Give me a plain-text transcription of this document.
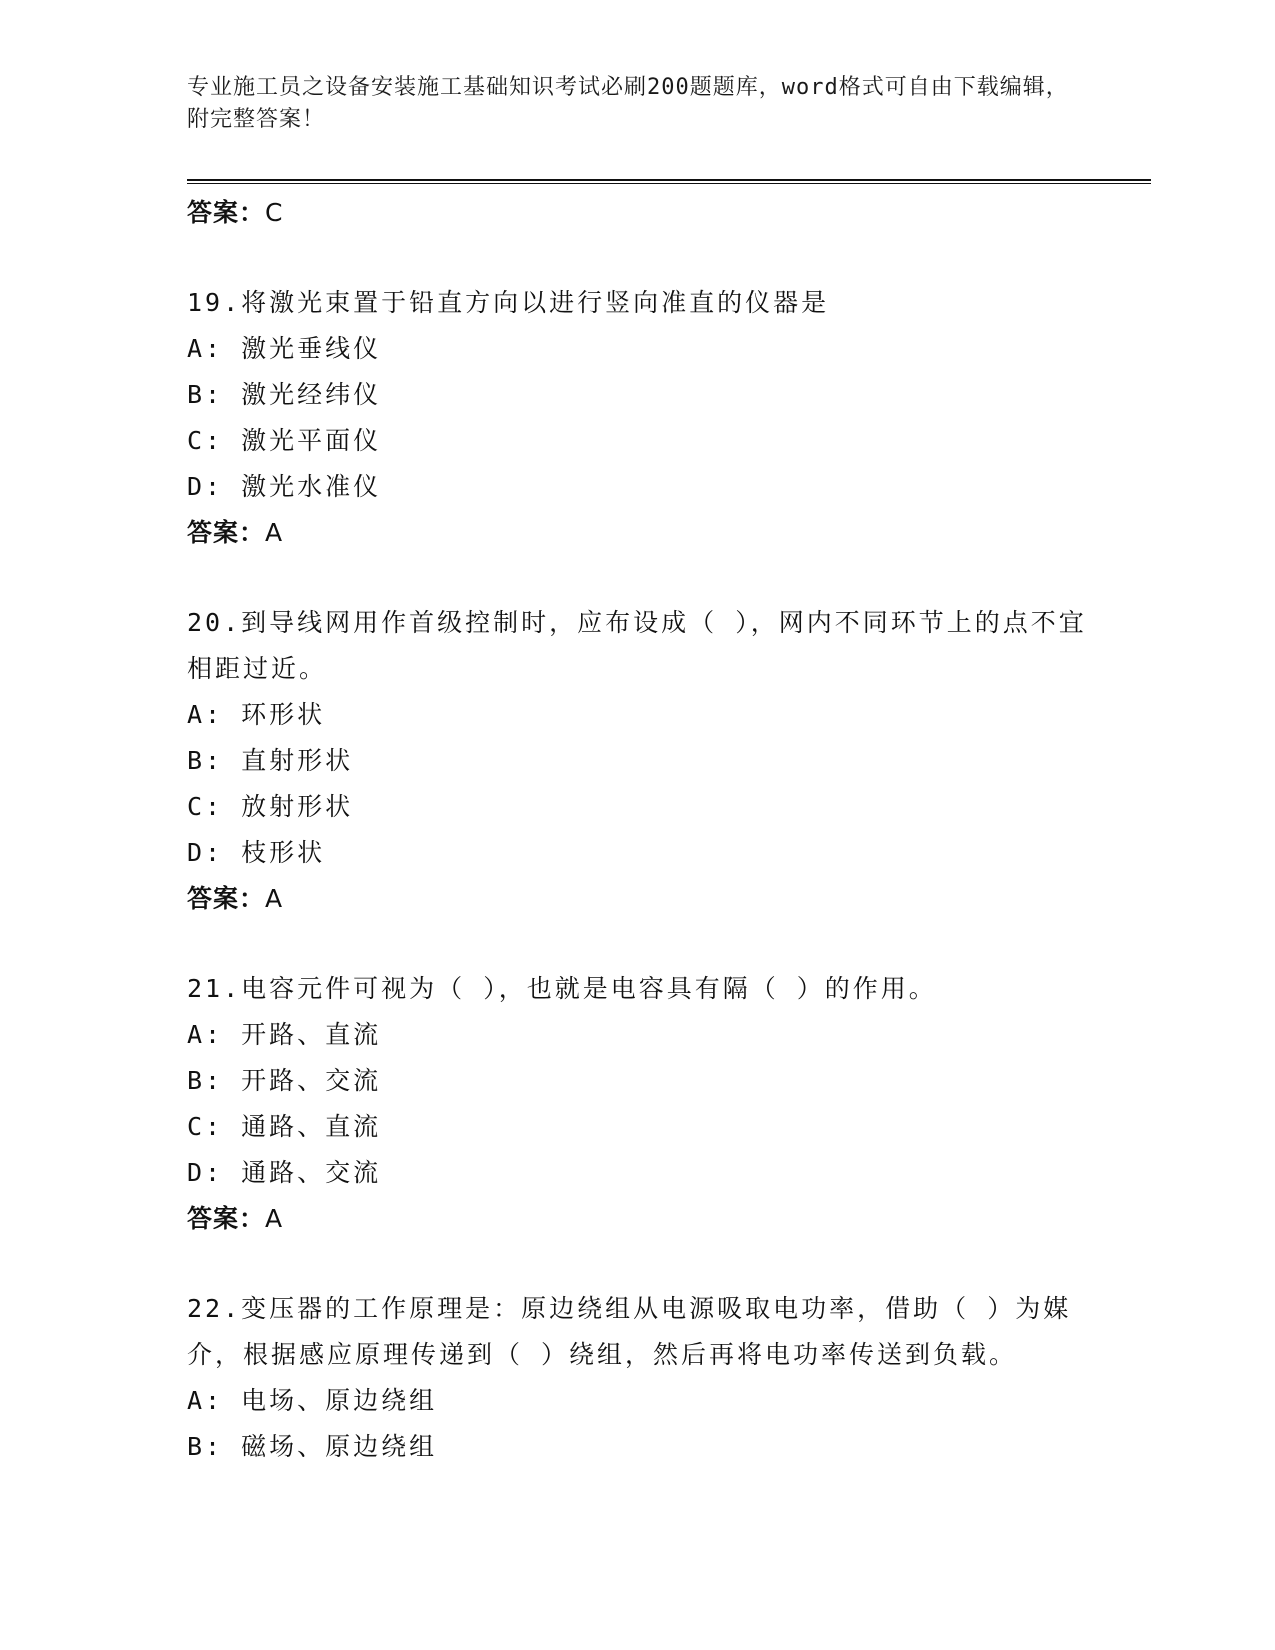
专业施工员之设备安装施工基础知识考试必刷200题题库，word格式可自由下载编辑，附完整答案！
答案：C
19.将激光束置于铅直方向以进行竖向准直的仪器是
A: 激光垂线仪
B: 激光经纬仪
C: 激光平面仪
D: 激光水准仪
答案：A
20.到导线网用作首级控制时，应布设成（ ），网内不同环节上的点不宜相距过近。
A: 环形状
B: 直射形状
C: 放射形状
D: 枝形状
答案：A
21.电容元件可视为（ ），也就是电容具有隔（ ）的作用。
A: 开路、直流
B: 开路、交流
C: 通路、直流
D: 通路、交流
答案：A
22.变压器的工作原理是：原边绕组从电源吸取电功率，借助（ ）为媒介，根据感应原理传递到（ ）绕组，然后再将电功率传送到负载。
A: 电场、原边绕组
B: 磁场、原边绕组
